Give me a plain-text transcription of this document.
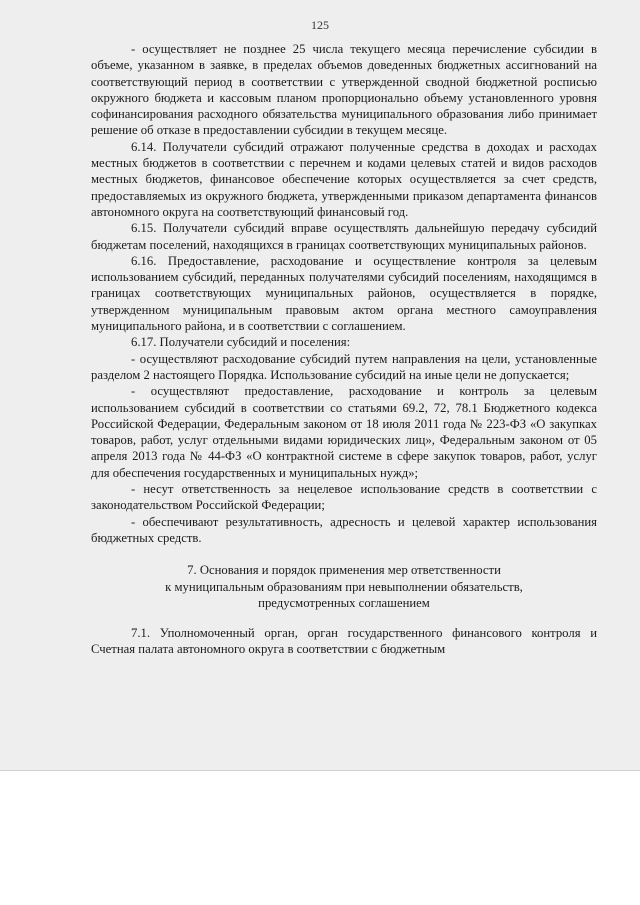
125

- осуществляет не позднее 25 числа текущего месяца перечисление субсидии в объеме, указанном в заявке, в пределах объемов доведенных бюджетных ассигнований на соответствующий период в соответствии с утвержденной сводной бюджетной росписью окружного бюджета и кассовым планом пропорционально объему установленного уровня софинансирования расходного обязательства муниципального образования либо принимает решение об отказе в предоставлении субсидии в текущем месяце.

6.14. Получатели субсидий отражают полученные средства в доходах и расходах местных бюджетов в соответствии с перечнем и кодами целевых статей и видов расходов местных бюджетов, финансовое обеспечение которых осуществляется за счет средств, предоставляемых из окружного бюджета, утвержденными приказом департамента финансов автономного округа на соответствующий финансовый год.

6.15. Получатели субсидий вправе осуществлять дальнейшую передачу субсидий бюджетам поселений, находящихся в границах соответствующих муниципальных районов.

6.16. Предоставление, расходование и осуществление контроля за целевым использованием субсидий, переданных получателями субсидий поселениям, находящимся в границах соответствующих муниципальных районов, осуществляется в порядке, утвержденном муниципальным правовым актом органа местного самоуправления муниципального района, и в соответствии с соглашением.

6.17. Получатели субсидий и поселения:

- осуществляют расходование субсидий путем направления на цели, установленные разделом 2 настоящего Порядка. Использование субсидий на иные цели не допускается;

- осуществляют предоставление, расходование и контроль за целевым использованием субсидий в соответствии со статьями 69.2, 72, 78.1 Бюджетного кодекса Российской Федерации, Федеральным законом от 18 июля 2011 года № 223-ФЗ «О закупках товаров, работ, услуг отдельными видами юридических лиц», Федеральным законом от 05 апреля 2013 года № 44-ФЗ «О контрактной системе в сфере закупок товаров, работ, услуг для обеспечения государственных и муниципальных нужд»;

- несут ответственность за нецелевое использование средств в соответствии с законодательством Российской Федерации;

- обеспечивают результативность, адресность и целевой характер использования бюджетных средств.

7. Основания и порядок применения мер ответственности
к муниципальным образованиям при невыполнении обязательств,
предусмотренных соглашением

7.1. Уполномоченный орган, орган государственного финансового контроля и Счетная палата автономного округа в соответствии с бюджетным
